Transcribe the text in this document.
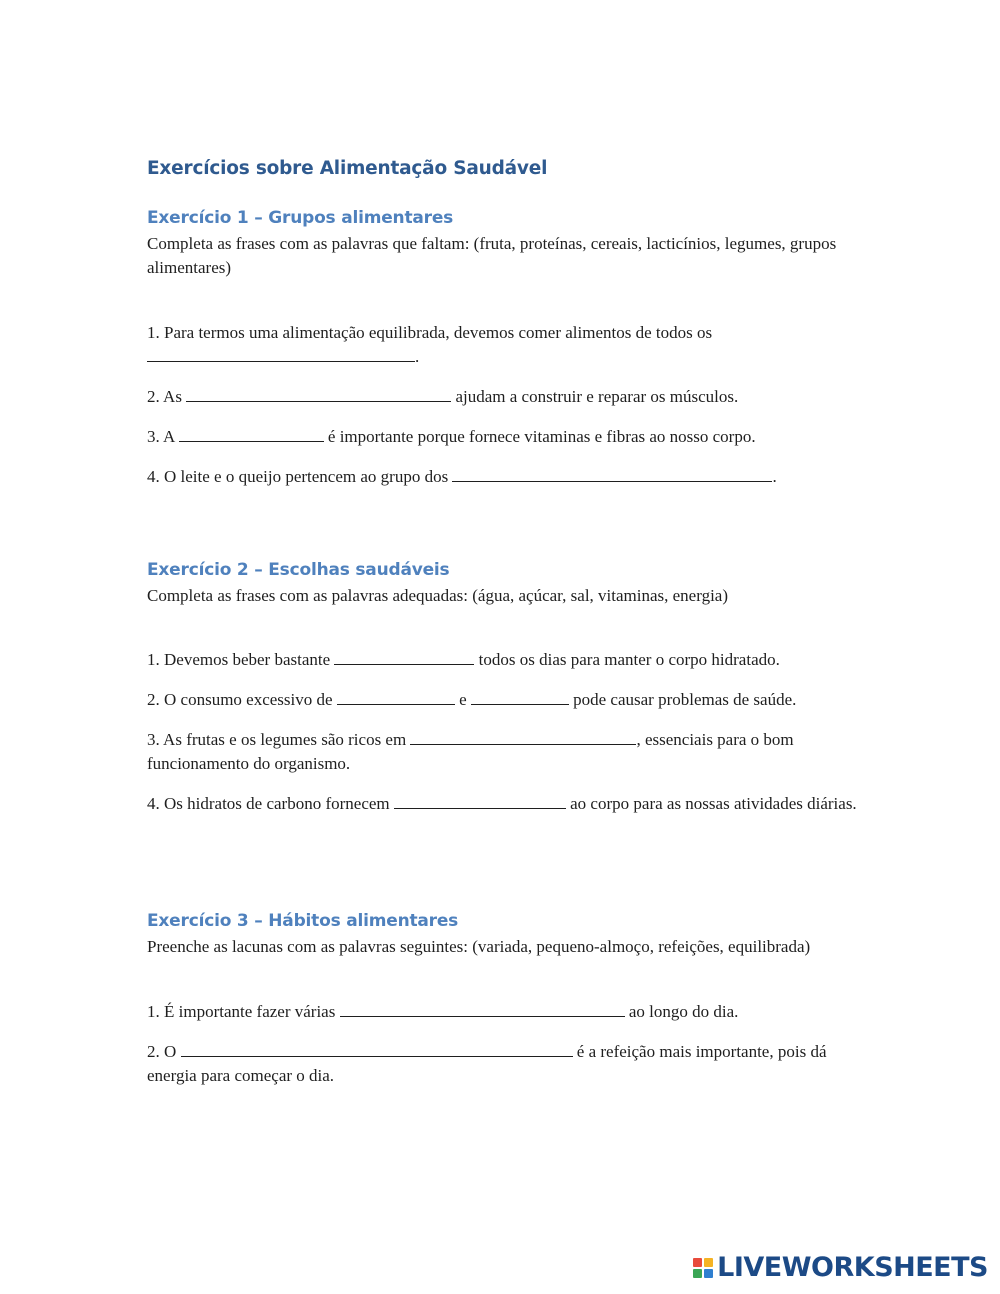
Exercícios sobre Alimentação Saudável
Exercício 1 – Grupos alimentares

Completa as frases com as palavras que faltam: (fruta, proteínas, cereais, lacticínios, legumes, grupos alimentares)

1. Para termos uma alimentação equilibrada, devemos comer alimentos de todos os
.

2. As	ajudam a construir e reparar os músculos.

3. A	é importante porque fornece vitaminas e fibras ao nosso corpo.

4. O leite e o queijo pertencem ao grupo dos	.

Exercício 2 – Escolhas saudáveis

Completa as frases com as palavras adequadas: (água, açúcar, sal, vitaminas, energia)

1. Devemos beber bastante	todos os dias para manter o corpo hidratado.

2. O consumo excessivo de	e	pode causar problemas de saúde.

3. As frutas e os legumes são ricos em	, essenciais para o bom funcionamento do organismo.

4. Os hidratos de carbono fornecem	ao corpo para as nossas atividades diárias.

Exercício 3 – Hábitos alimentares

Preenche as lacunas com as palavras seguintes: (variada, pequeno-almoço, refeições, equilibrada)

1. É importante fazer várias	ao longo do dia.

2. O	é a refeição mais importante, pois dá energia para começar o dia.

LIVEWORKSHEETS
